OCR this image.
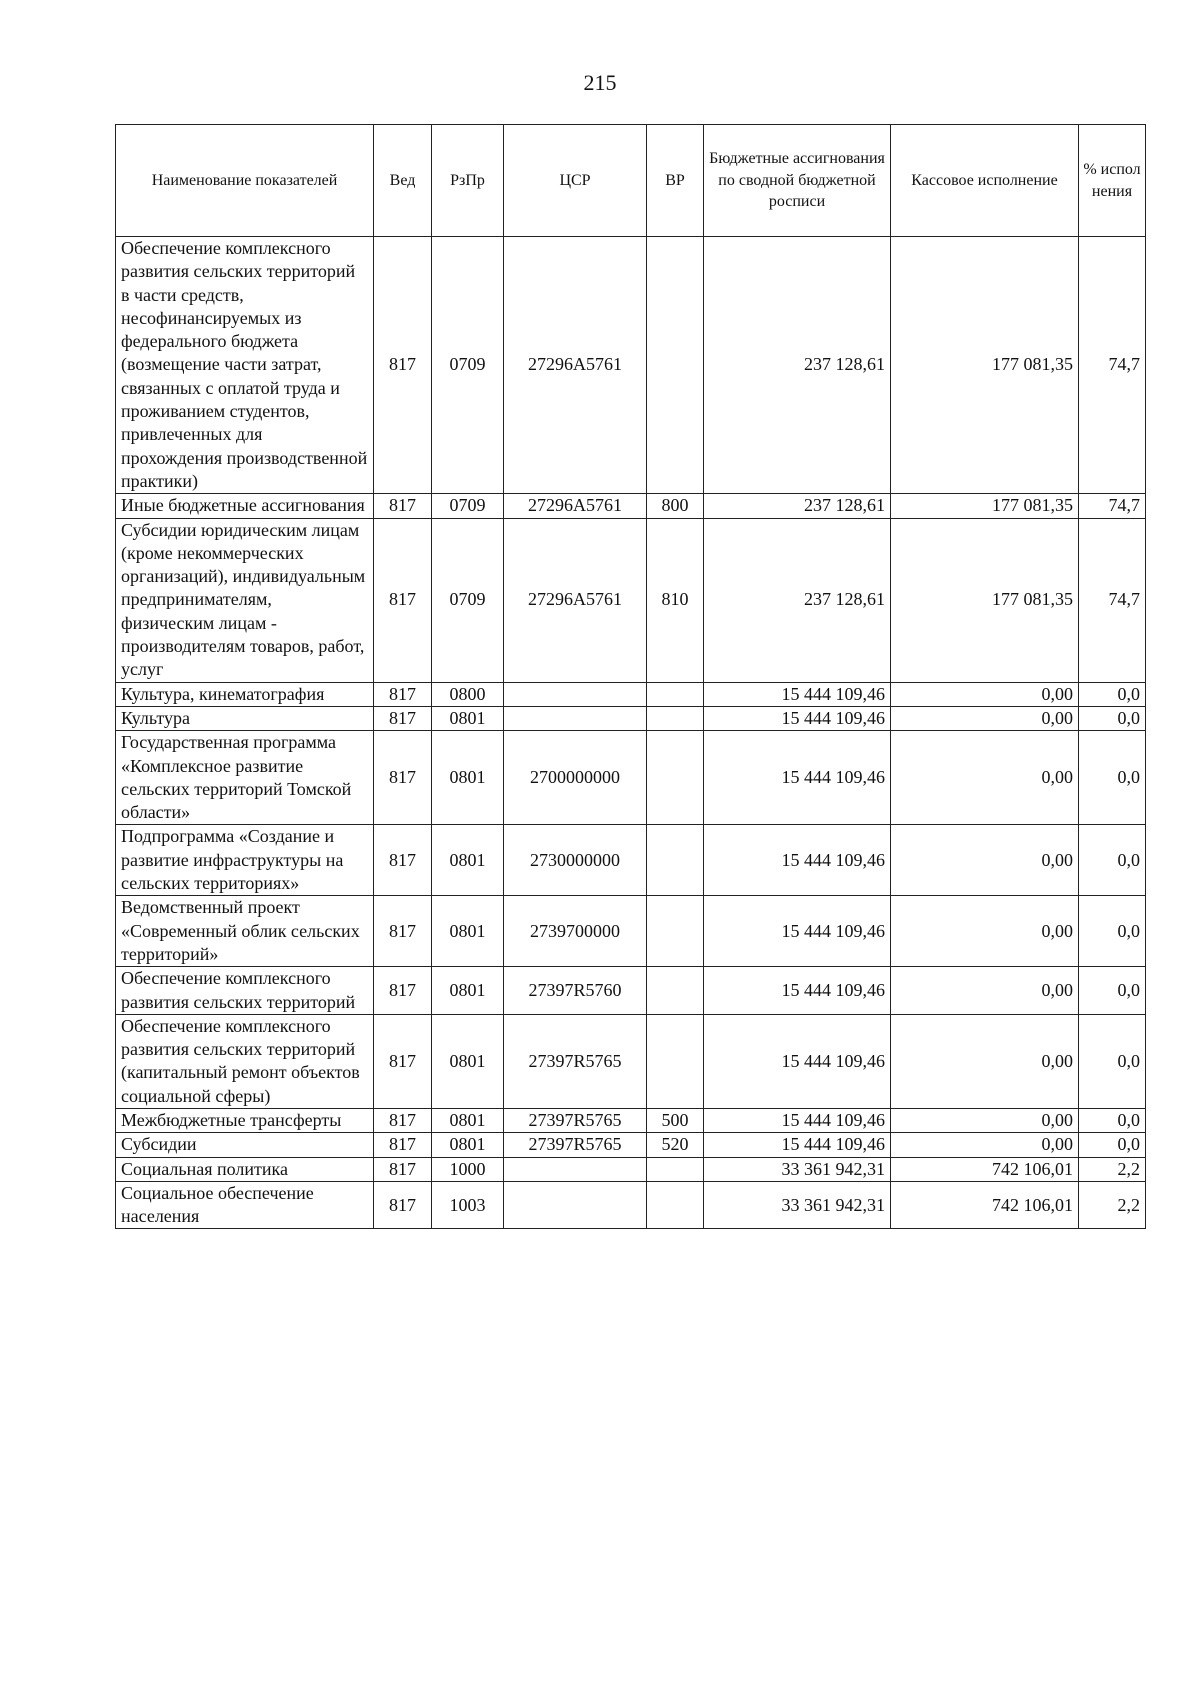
215
Наименование показателей	Вед	РзПр	ЦСР	ВР	Бюджетные ассигнования по сводной бюджетной росписи	Кассовое исполнение	% испол нения
Обеспечение комплексного развития сельских территорий в части средств, несофинансируемых из федерального бюджета (возмещение части затрат, связанных с оплатой труда и проживанием студентов, привлеченных для прохождения производственной практики)	817	0709	27296А5761		237 128,61	177 081,35	74,7
Иные бюджетные ассигнования	817	0709	27296А5761	800	237 128,61	177 081,35	74,7
Субсидии юридическим лицам (кроме некоммерческих организаций), индивидуальным предпринимателям, физическим лицам - производителям товаров, работ, услуг	817	0709	27296А5761	810	237 128,61	177 081,35	74,7
Культура, кинематография	817	0800			15 444 109,46	0,00	0,0
Культура	817	0801			15 444 109,46	0,00	0,0
Государственная программа «Комплексное развитие сельских территорий Томской области»	817	0801	2700000000		15 444 109,46	0,00	0,0
Подпрограмма «Создание и развитие инфраструктуры на сельских территориях»	817	0801	2730000000		15 444 109,46	0,00	0,0
Ведомственный проект «Современный облик сельских территорий»	817	0801	2739700000		15 444 109,46	0,00	0,0
Обеспечение комплексного развития сельских территорий	817	0801	27397R5760		15 444 109,46	0,00	0,0
Обеспечение комплексного развития сельских территорий (капитальный ремонт объектов социальной сферы)	817	0801	27397R5765		15 444 109,46	0,00	0,0
Межбюджетные трансферты	817	0801	27397R5765	500	15 444 109,46	0,00	0,0
Субсидии	817	0801	27397R5765	520	15 444 109,46	0,00	0,0
Социальная политика	817	1000			33 361 942,31	742 106,01	2,2
Социальное обеспечение населения	817	1003			33 361 942,31	742 106,01	2,2
